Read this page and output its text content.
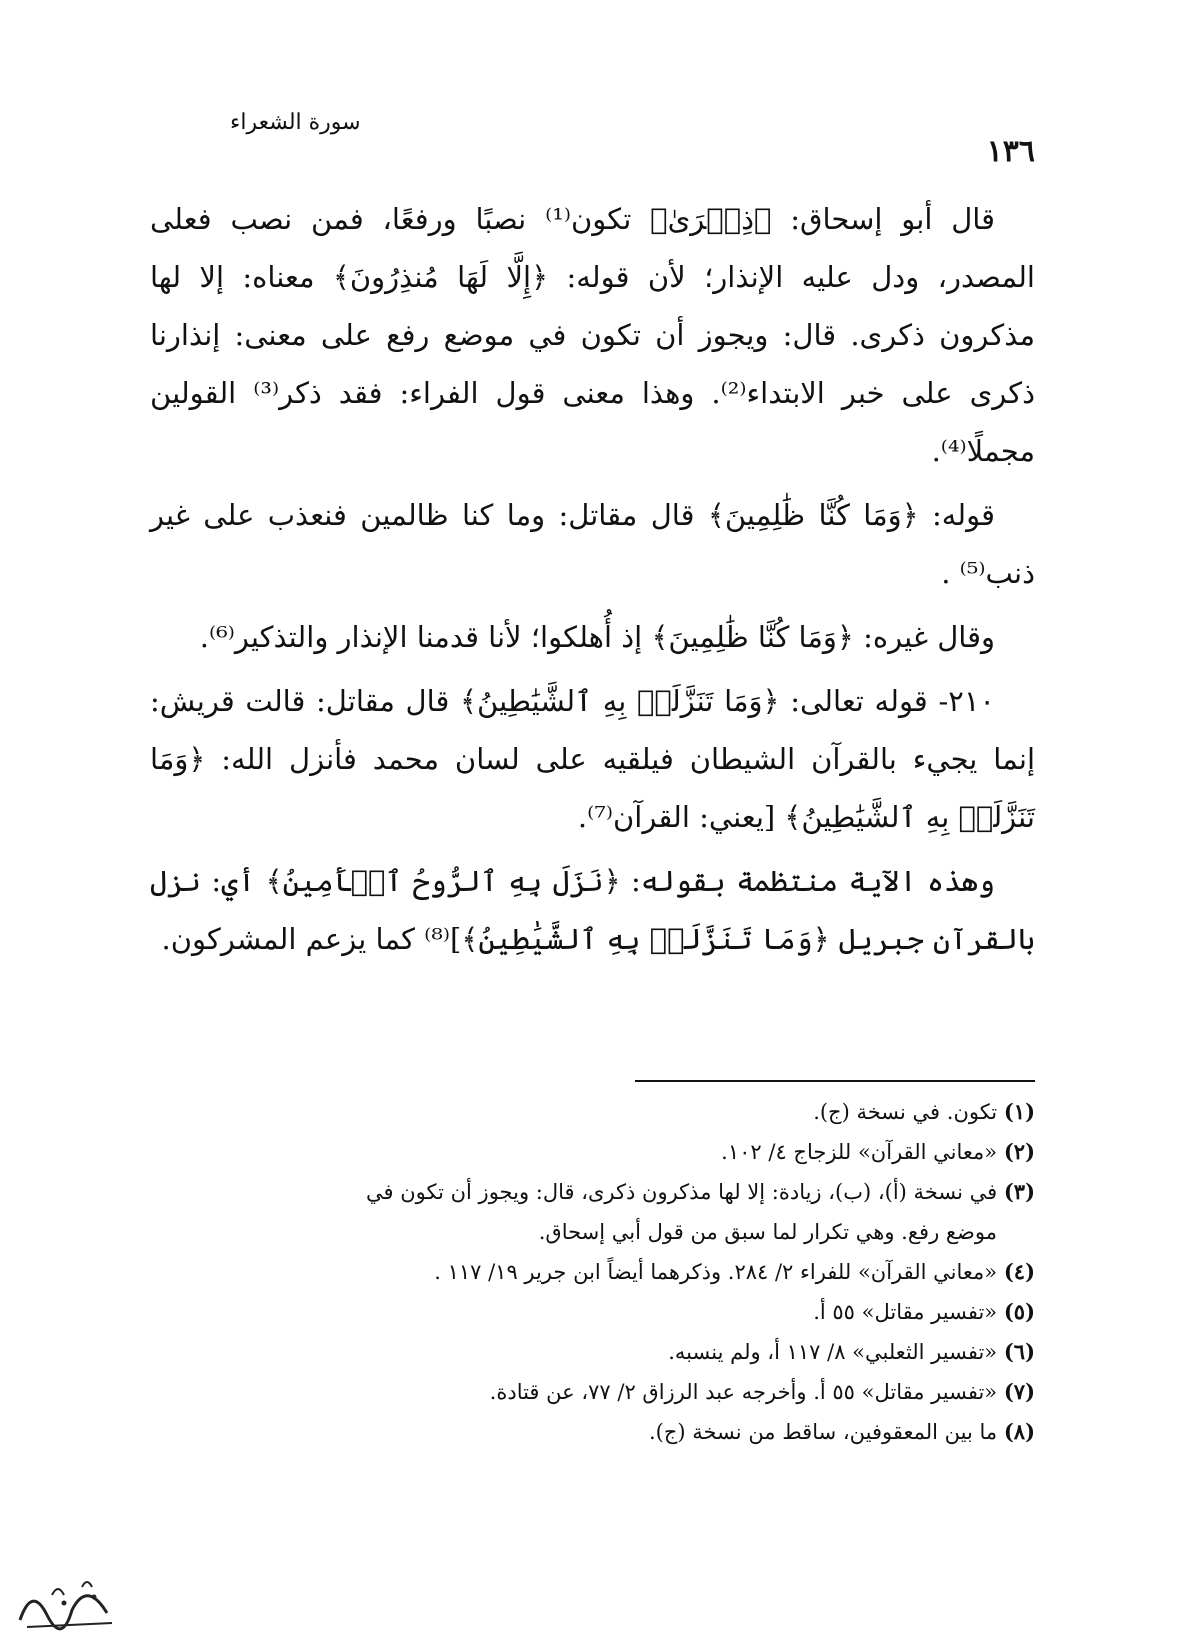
١٣٦
سورة الشعراء

قال أبو إسحاق: ﴿ذِكۡرَىٰ﴾ تكون⁽¹⁾ نصبًا ورفعًا، فمن نصب فعلى المصدر، ودل عليه الإنذار؛ لأن قوله: ﴿إِلَّا لَهَا مُنذِرُونَ﴾ معناه: إلا لها مذكرون ذكرى. قال: ويجوز أن تكون في موضع رفع على معنى: إنذارنا ذكرى على خبر الابتداء⁽²⁾. وهذا معنى قول الفراء: فقد ذكر⁽³⁾ القولين مجملًا⁽⁴⁾.

قوله: ﴿وَمَا كُنَّا ظَٰلِمِينَ﴾ قال مقاتل: وما كنا ظالمين فنعذب على غير ذنب⁽⁵⁾ .

وقال غيره: ﴿وَمَا كُنَّا ظَٰلِمِينَ﴾ إذ أُهلكوا؛ لأنا قدمنا الإنذار والتذكير⁽⁶⁾.

٢١٠- قوله تعالى: ﴿وَمَا تَنَزَّلَتۡ بِهِ ٱلشَّيَٰطِينُ﴾ قال مقاتل: قالت قريش: إنما يجيء بالقرآن الشيطان فيلقيه على لسان محمد فأنزل الله: ﴿وَمَا تَنَزَّلَتۡ بِهِ ٱلشَّيَٰطِينُ﴾ [يعني: القرآن⁽⁷⁾.

وهذه الآية منتظمة بقوله: ﴿نَزَلَ بِهِ ٱلرُّوحُ ٱلۡأَمِينُ﴾ أي: نزل بالقرآن جبريل ﴿وَمَا تَنَزَّلَتۡ بِهِ ٱلشَّيَٰطِينُ﴾]⁽⁸⁾ كما يزعم المشركون.

(١) تكون. في نسخة (ج).

(٢) «معاني القرآن» للزجاج ٤/ ١٠٢.

(٣) في نسخة (أ)، (ب)، زيادة: إلا لها مذكرون ذكرى، قال: ويجوز أن تكون في

موضع رفع. وهي تكرار لما سبق من قول أبي إسحاق.

(٤) «معاني القرآن» للفراء ٢/ ٢٨٤. وذكرهما أيضاً ابن جرير ١٩/ ١١٧ .

(٥) «تفسير مقاتل» ٥٥ أ.

(٦) «تفسير الثعلبي» ٨/ ١١٧ أ، ولم ينسبه.

(٧) «تفسير مقاتل» ٥٥ أ. وأخرجه عبد الرزاق ٢/ ٧٧، عن قتادة.

(٨) ما بين المعقوفين، ساقط من نسخة (ج).
